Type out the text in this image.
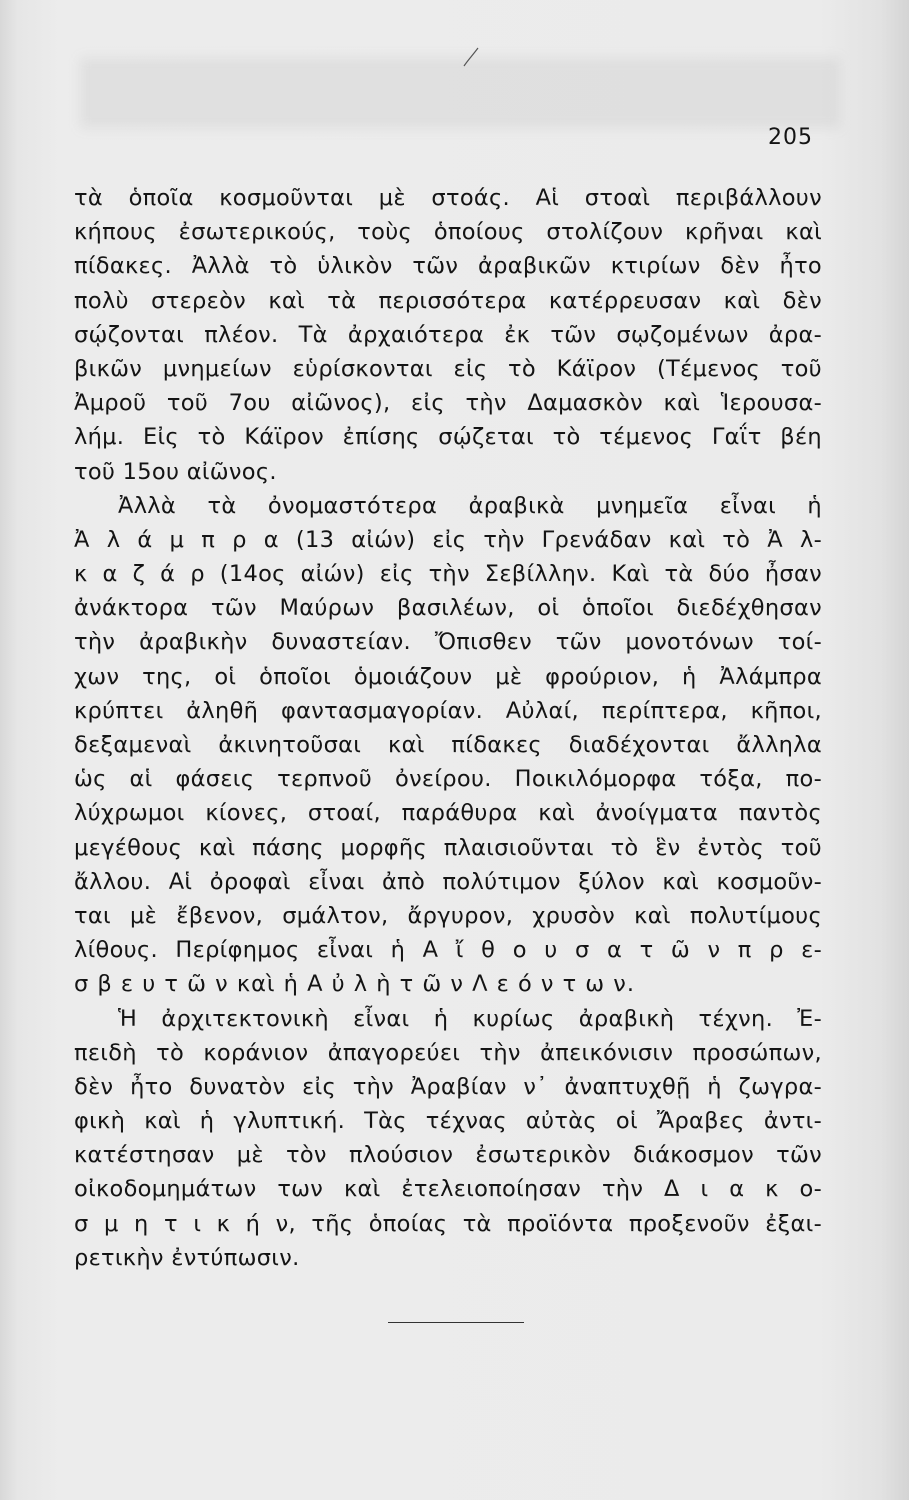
205
τὰ ὁποῖα κοσμοῦνται μὲ στοάς. Αἱ στοαὶ περιβάλλουν
κήπους ἐσωτερικούς, τοὺς ὁποίους στολίζουν κρῆναι καὶ
πίδακες. Ἀλλὰ τὸ ὑλικὸν τῶν ἀραβικῶν κτιρίων δὲν ἦτο
πολὺ στερεὸν καὶ τὰ περισσότερα κατέρρευσαν καὶ δὲν
σῴζονται πλέον. Τὰ ἀρχαιότερα ἐκ τῶν σῳζομένων ἀρα-
βικῶν μνημείων εὑρίσκονται εἰς τὸ Κάϊρον (Τέμενος τοῦ
Ἀμροῦ τοῦ 7ου αἰῶνος), εἰς τὴν Δαμασκὸν καὶ Ἱερουσα-
λήμ. Εἰς τὸ Κάϊρον ἐπίσης σῴζεται τὸ τέμενος Γαΐτ βέη
τοῦ 15ου αἰῶνος.
Ἀλλὰ τὰ ὀνομαστότερα ἀραβικὰ μνημεῖα εἶναι ἡ
Ἀ λ ά μ π ρ α (13 αἰών) εἰς τὴν Γρενάδαν καὶ τὸ Ἀ λ-
κ α ζ ά ρ (14ος αἰών) εἰς τὴν Σεβίλλην. Καὶ τὰ δύο ἦσαν
ἀνάκτορα τῶν Μαύρων βασιλέων, οἱ ὁποῖοι διεδέχθησαν
τὴν ἀραβικὴν δυναστείαν. Ὄπισθεν τῶν μονοτόνων τοί-
χων της, οἱ ὁποῖοι ὁμοιάζουν μὲ φρούριον, ἡ Ἀλάμπρα
κρύπτει ἀληθῆ φαντασμαγορίαν. Αὐλαί, περίπτερα, κῆποι,
δεξαμεναὶ ἀκινητοῦσαι καὶ πίδακες διαδέχονται ἄλληλα
ὡς αἱ φάσεις τερπνοῦ ὀνείρου. Ποικιλόμορφα τόξα, πο-
λύχρωμοι κίονες, στοαί, παράθυρα καὶ ἀνοίγματα παντὸς
μεγέθους καὶ πάσης μορφῆς πλαισιοῦνται τὸ ἓν ἐντὸς τοῦ
ἄλλου. Αἱ ὀροφαὶ εἶναι ἀπὸ πολύτιμον ξύλον καὶ κοσμοῦν-
ται μὲ ἔβενον, σμάλτον, ἄργυρον, χρυσὸν καὶ πολυτίμους
λίθους. Περίφημος εἶναι ἡ Α ἴ θ ο υ σ α τ ῶ ν π ρ ε-
σ β ε υ τ ῶ ν καὶ ἡ Α ὐ λ ὴ τ ῶ ν Λ ε ό ν τ ω ν.
Ἡ ἀρχιτεκτονικὴ εἶναι ἡ κυρίως ἀραβικὴ τέχνη. Ἐ-
πειδὴ τὸ κοράνιον ἀπαγορεύει τὴν ἀπεικόνισιν προσώπων,
δὲν ἦτο δυνατὸν εἰς τὴν Ἀραβίαν ν᾽ ἀναπτυχθῇ ἡ ζωγρα-
φικὴ καὶ ἡ γλυπτική. Τὰς τέχνας αὐτὰς οἱ Ἄραβες ἀντι-
κατέστησαν μὲ τὸν πλούσιον ἐσωτερικὸν διάκοσμον τῶν
οἰκοδομημάτων των καὶ ἐτελειοποίησαν τὴν Δ ι α κ ο-
σ μ η τ ι κ ή ν, τῆς ὁποίας τὰ προϊόντα προξενοῦν ἐξαι-
ρετικὴν ἐντύπωσιν.
